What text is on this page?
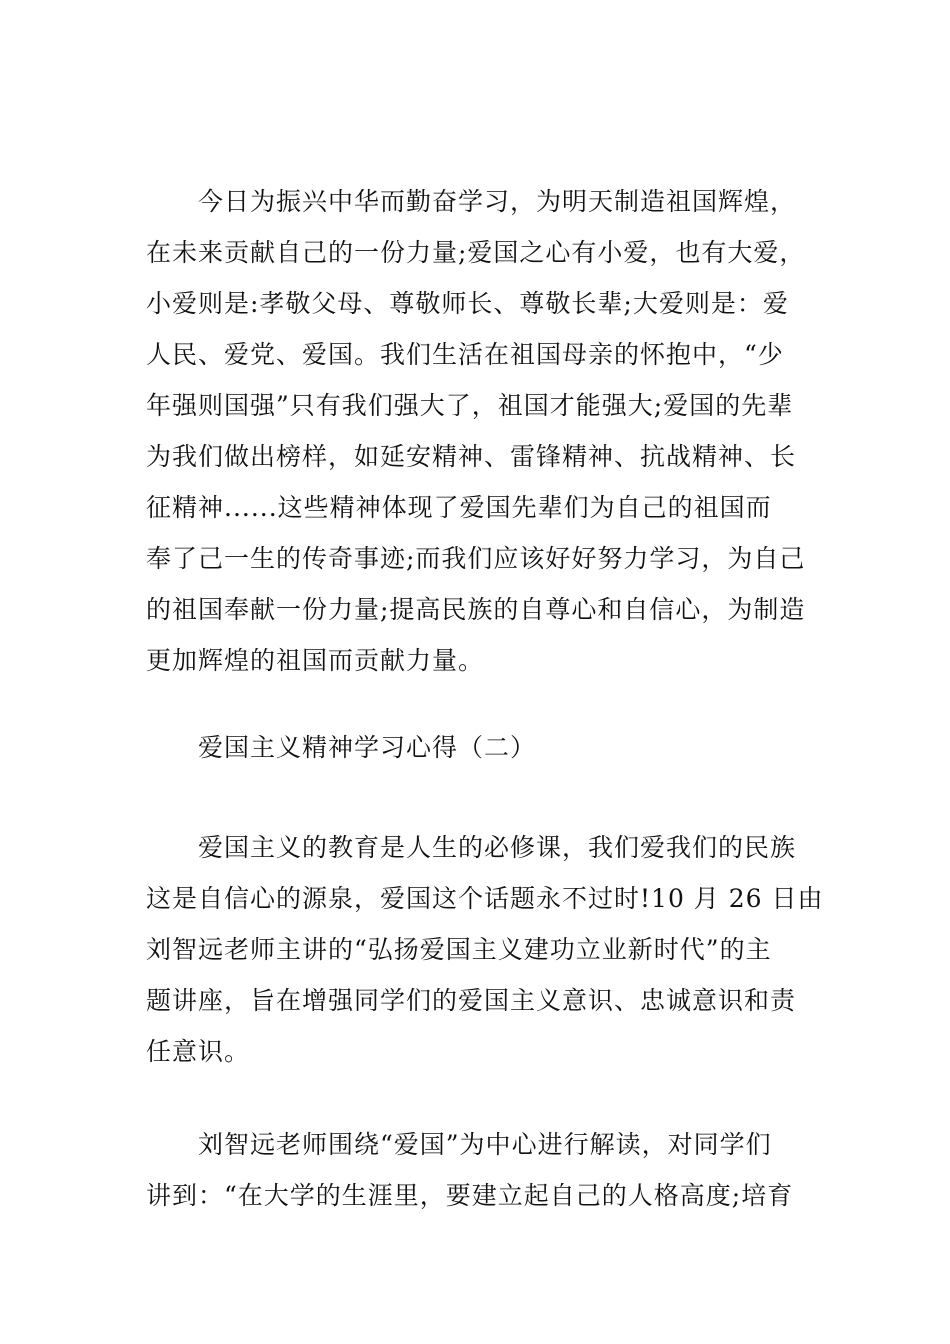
今日为振兴中华而勤奋学习，为明天制造祖国辉煌，
在未来贡献自己的一份力量;爱国之心有小爱，也有大爱，
小爱则是:孝敬父母、尊敬师长、尊敬长辈;大爱则是：爱
人民、爱党、爱国。我们生活在祖国母亲的怀抱中，“少
年强则国强”只有我们强大了，祖国才能强大;爱国的先辈
为我们做出榜样，如延安精神、雷锋精神、抗战精神、长
征精神......这些精神体现了爱国先辈们为自己的祖国而
奉了己一生的传奇事迹;而我们应该好好努力学习，为自己
的祖国奉献一份力量;提高民族的自尊心和自信心，为制造
更加辉煌的祖国而贡献力量。
爱国主义精神学习心得（二）
爱国主义的教育是人生的必修课，我们爱我们的民族
这是自信心的源泉，爱国这个话题永不过时!10 月 26 日由
刘智远老师主讲的“弘扬爱国主义建功立业新时代”的主
题讲座，旨在增强同学们的爱国主义意识、忠诚意识和责
任意识。
刘智远老师围绕“爱国”为中心进行解读，对同学们
讲到：“在大学的生涯里，要建立起自己的人格高度;培育
